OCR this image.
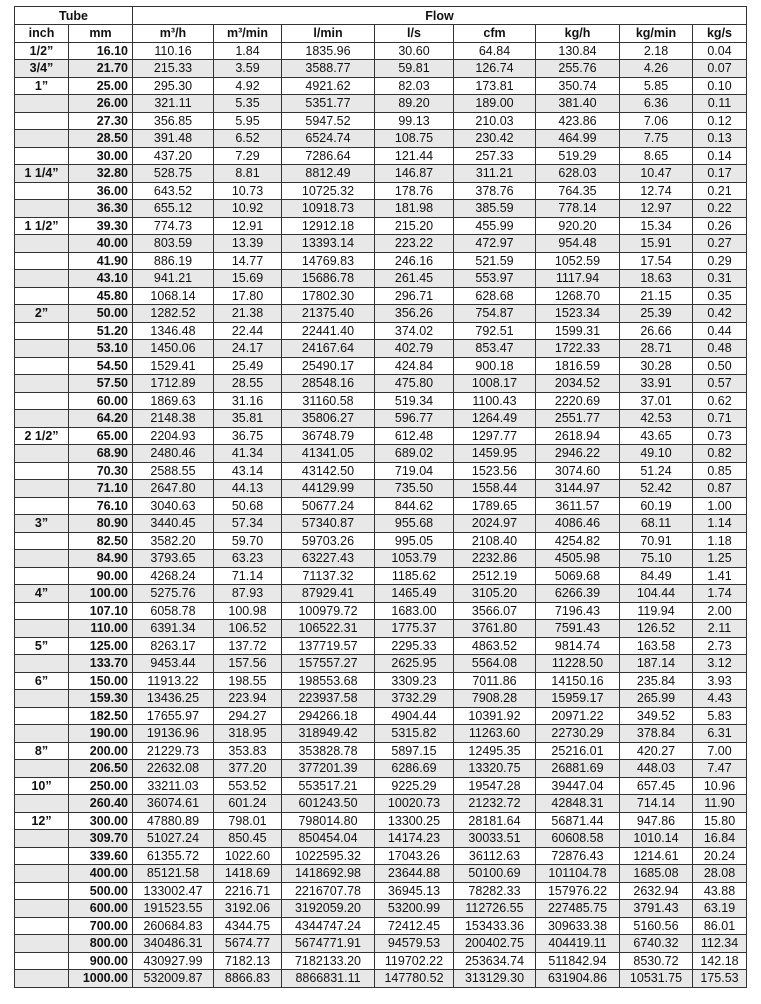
Tube		Flow							
inch	mm	m³/h	m³/min	l/min	l/s	cfm	kg/h	kg/min	kg/s
1/2”	16.10	110.16	1.84	1835.96	30.60	64.84	130.84	2.18	0.04
3/4”	21.70	215.33	3.59	3588.77	59.81	126.74	255.76	4.26	0.07
1”	25.00	295.30	4.92	4921.62	82.03	173.81	350.74	5.85	0.10
	26.00	321.11	5.35	5351.77	89.20	189.00	381.40	6.36	0.11
	27.30	356.85	5.95	5947.52	99.13	210.03	423.86	7.06	0.12
	28.50	391.48	6.52	6524.74	108.75	230.42	464.99	7.75	0.13
	30.00	437.20	7.29	7286.64	121.44	257.33	519.29	8.65	0.14
1 1/4”	32.80	528.75	8.81	8812.49	146.87	311.21	628.03	10.47	0.17
	36.00	643.52	10.73	10725.32	178.76	378.76	764.35	12.74	0.21
	36.30	655.12	10.92	10918.73	181.98	385.59	778.14	12.97	0.22
1 1/2”	39.30	774.73	12.91	12912.18	215.20	455.99	920.20	15.34	0.26
	40.00	803.59	13.39	13393.14	223.22	472.97	954.48	15.91	0.27
	41.90	886.19	14.77	14769.83	246.16	521.59	1052.59	17.54	0.29
	43.10	941.21	15.69	15686.78	261.45	553.97	1117.94	18.63	0.31
	45.80	1068.14	17.80	17802.30	296.71	628.68	1268.70	21.15	0.35
2”	50.00	1282.52	21.38	21375.40	356.26	754.87	1523.34	25.39	0.42
	51.20	1346.48	22.44	22441.40	374.02	792.51	1599.31	26.66	0.44
	53.10	1450.06	24.17	24167.64	402.79	853.47	1722.33	28.71	0.48
	54.50	1529.41	25.49	25490.17	424.84	900.18	1816.59	30.28	0.50
	57.50	1712.89	28.55	28548.16	475.80	1008.17	2034.52	33.91	0.57
	60.00	1869.63	31.16	31160.58	519.34	1100.43	2220.69	37.01	0.62
	64.20	2148.38	35.81	35806.27	596.77	1264.49	2551.77	42.53	0.71
2 1/2”	65.00	2204.93	36.75	36748.79	612.48	1297.77	2618.94	43.65	0.73
	68.90	2480.46	41.34	41341.05	689.02	1459.95	2946.22	49.10	0.82
	70.30	2588.55	43.14	43142.50	719.04	1523.56	3074.60	51.24	0.85
	71.10	2647.80	44.13	44129.99	735.50	1558.44	3144.97	52.42	0.87
	76.10	3040.63	50.68	50677.24	844.62	1789.65	3611.57	60.19	1.00
3”	80.90	3440.45	57.34	57340.87	955.68	2024.97	4086.46	68.11	1.14
	82.50	3582.20	59.70	59703.26	995.05	2108.40	4254.82	70.91	1.18
	84.90	3793.65	63.23	63227.43	1053.79	2232.86	4505.98	75.10	1.25
	90.00	4268.24	71.14	71137.32	1185.62	2512.19	5069.68	84.49	1.41
4”	100.00	5275.76	87.93	87929.41	1465.49	3105.20	6266.39	104.44	1.74
	107.10	6058.78	100.98	100979.72	1683.00	3566.07	7196.43	119.94	2.00
	110.00	6391.34	106.52	106522.31	1775.37	3761.80	7591.43	126.52	2.11
5”	125.00	8263.17	137.72	137719.57	2295.33	4863.52	9814.74	163.58	2.73
	133.70	9453.44	157.56	157557.27	2625.95	5564.08	11228.50	187.14	3.12
6”	150.00	11913.22	198.55	198553.68	3309.23	7011.86	14150.16	235.84	3.93
	159.30	13436.25	223.94	223937.58	3732.29	7908.28	15959.17	265.99	4.43
	182.50	17655.97	294.27	294266.18	4904.44	10391.92	20971.22	349.52	5.83
	190.00	19136.96	318.95	318949.42	5315.82	11263.60	22730.29	378.84	6.31
8”	200.00	21229.73	353.83	353828.78	5897.15	12495.35	25216.01	420.27	7.00
	206.50	22632.08	377.20	377201.39	6286.69	13320.75	26881.69	448.03	7.47
10”	250.00	33211.03	553.52	553517.21	9225.29	19547.28	39447.04	657.45	10.96
	260.40	36074.61	601.24	601243.50	10020.73	21232.72	42848.31	714.14	11.90
12”	300.00	47880.89	798.01	798014.80	13300.25	28181.64	56871.44	947.86	15.80
	309.70	51027.24	850.45	850454.04	14174.23	30033.51	60608.58	1010.14	16.84
	339.60	61355.72	1022.60	1022595.32	17043.26	36112.63	72876.43	1214.61	20.24
	400.00	85121.58	1418.69	1418692.98	23644.88	50100.69	101104.78	1685.08	28.08
	500.00	133002.47	2216.71	2216707.78	36945.13	78282.33	157976.22	2632.94	43.88
	600.00	191523.55	3192.06	3192059.20	53200.99	112726.55	227485.75	3791.43	63.19
	700.00	260684.83	4344.75	4344747.24	72412.45	153433.36	309633.38	5160.56	86.01
	800.00	340486.31	5674.77	5674771.91	94579.53	200402.75	404419.11	6740.32	112.34
	900.00	430927.99	7182.13	7182133.20	119702.22	253634.74	511842.94	8530.72	142.18
	1000.00	532009.87	8866.83	8866831.11	147780.52	313129.30	631904.86	10531.75	175.53
